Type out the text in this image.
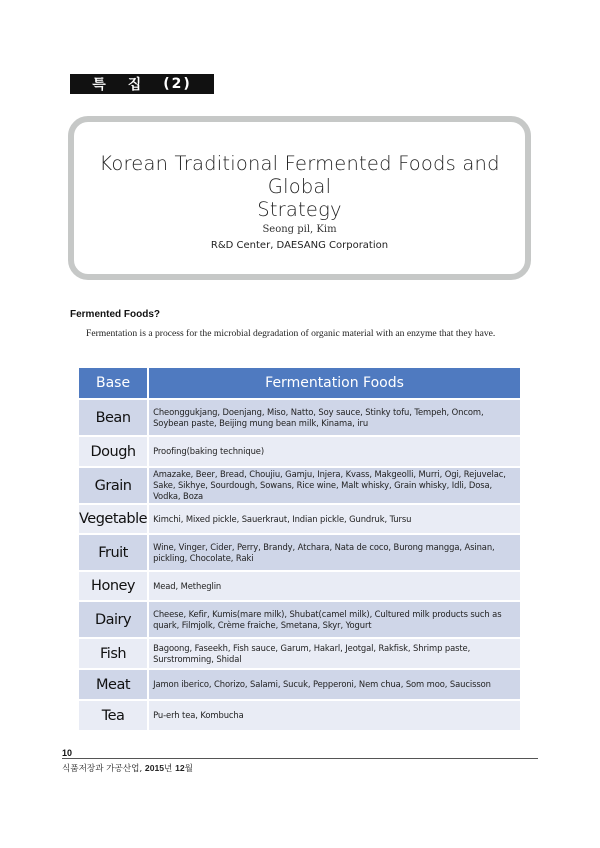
특 집 (2)
Korean Traditional Fermented Foods and Global
Strategy
Seong pil, Kim
R&D Center, DAESANG Corporation
Fermented Foods?
Fermentation is a process for the microbial degradation of organic material with an enzyme that they have.
Base	Fermentation Foods
Bean	Cheonggukjang, Doenjang, Miso, Natto, Soy sauce, Stinky tofu, Tempeh, Oncom, Soybean paste, Beijing mung bean milk, Kinama, iru
Dough	Proofing(baking technique)
Grain	Amazake, Beer, Bread, Choujiu, Gamju, Injera, Kvass, Makgeolli, Murri, Ogi, Rejuvelac, Sake, Sikhye, Sourdough, Sowans, Rice wine, Malt whisky, Grain whisky, Idli, Dosa, Vodka, Boza
Vegetable	Kimchi, Mixed pickle, Sauerkraut, Indian pickle, Gundruk, Tursu
Fruit	Wine, Vinger, Cider, Perry, Brandy, Atchara, Nata de coco, Burong mangga, Asinan, pickling, Chocolate, Raki
Honey	Mead, Metheglin
Dairy	Cheese, Kefir, Kumis(mare milk), Shubat(camel milk), Cultured milk products such as quark, Filmjolk, Crème fraiche, Smetana, Skyr, Yogurt
Fish	Bagoong, Faseekh, Fish sauce, Garum, Hakarl, Jeotgal, Rakfisk, Shrimp paste, Surstromming, Shidal
Meat	Jamon iberico, Chorizo, Salami, Sucuk, Pepperoni, Nem chua, Som moo, Saucisson
Tea	Pu-erh tea, Kombucha
10
식품저장과 가공산업, 2015년 12월
